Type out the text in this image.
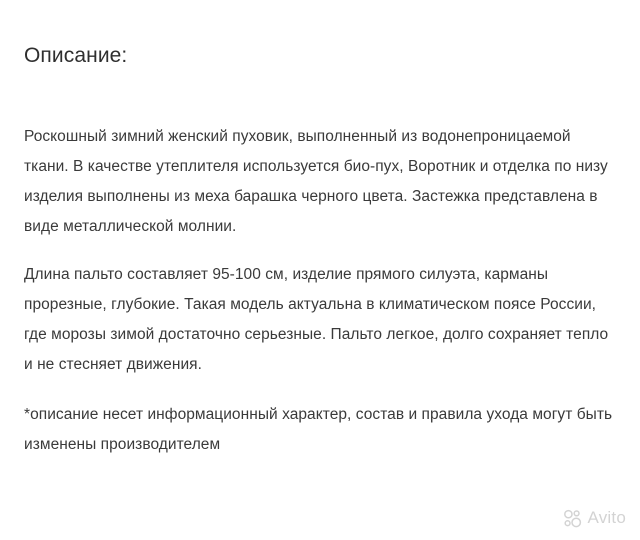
Описание:

Роскошный зимний женский пуховик, выполненный из водонепроницаемой ткани. В качестве утеплителя используется био-пух, Воротник и отделка по низу изделия выполнены из меха барашка черного цвета. Застежка представлена в виде металлической молнии.

Длина пальто составляет 95-100 см, изделие прямого силуэта, карманы прорезные, глубокие. Такая модель актуальна в климатическом поясе России, где морозы зимой достаточно серьезные. Пальто легкое, долго сохраняет тепло и не стесняет движения.

*описание несет информационный характер, состав и правила ухода могут быть изменены производителем

Avito
